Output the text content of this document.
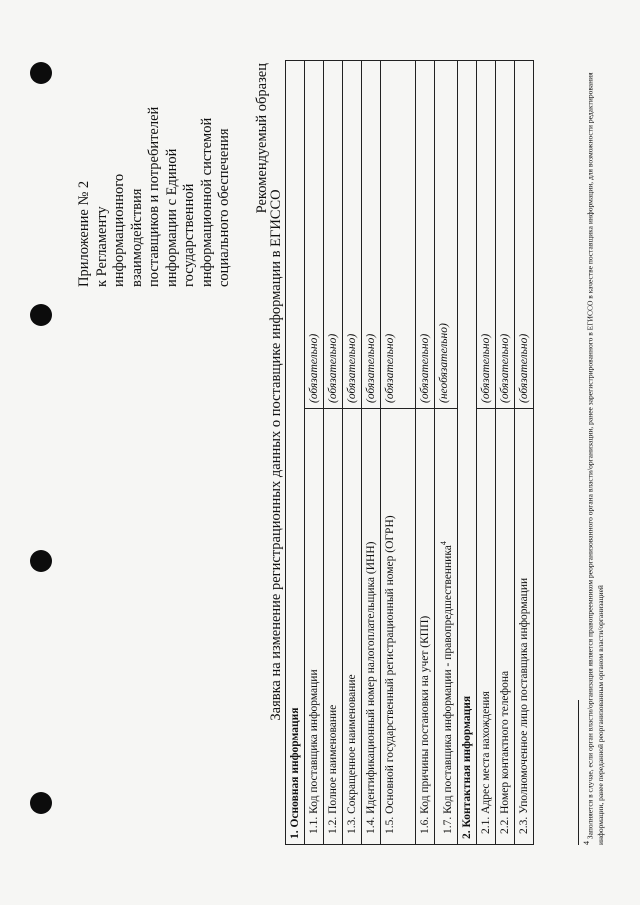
Приложение № 2 к Регламенту информационного взаимодействия поставщиков и потребителей информации с Единой государственной информационной системой социального обеспечения Рекомендуемый образец
Заявка на изменение регистрационных данных о поставщике информации в ЕГИССО
1. Основная информация	
1.1. Код поставщика информации	(обязательно)
1.2. Полное наименование	(обязательно)
1.3. Сокращенное наименование	(обязательно)
1.4. Идентификационный номер налогоплательщика (ИНН)	(обязательно)
1.5. Основной государственный регистрационный номер (ОГРН)	(обязательно)
1.6. Код причины постановки на учет (КПП)	(обязательно)
1.7. Код поставщика информации - правопредшественника$^4$	(необязательно)
2. Контактная информация	
2.1. Адрес места нахождения	(обязательно)
2.2. Номер контактного телефона	(обязательно)
2.3. Уполномоченное лицо поставщика информации	(обязательно)
$^4$ Заполняется в случае, если орган власти/организация является правопреемником реорганизованного органа власти/организации, ранее зарегистрированного в ЕГИССО в качестве поставщика информации, для возможности редактирования информации, ранее переданной реорганизованным органом власти/организацией
